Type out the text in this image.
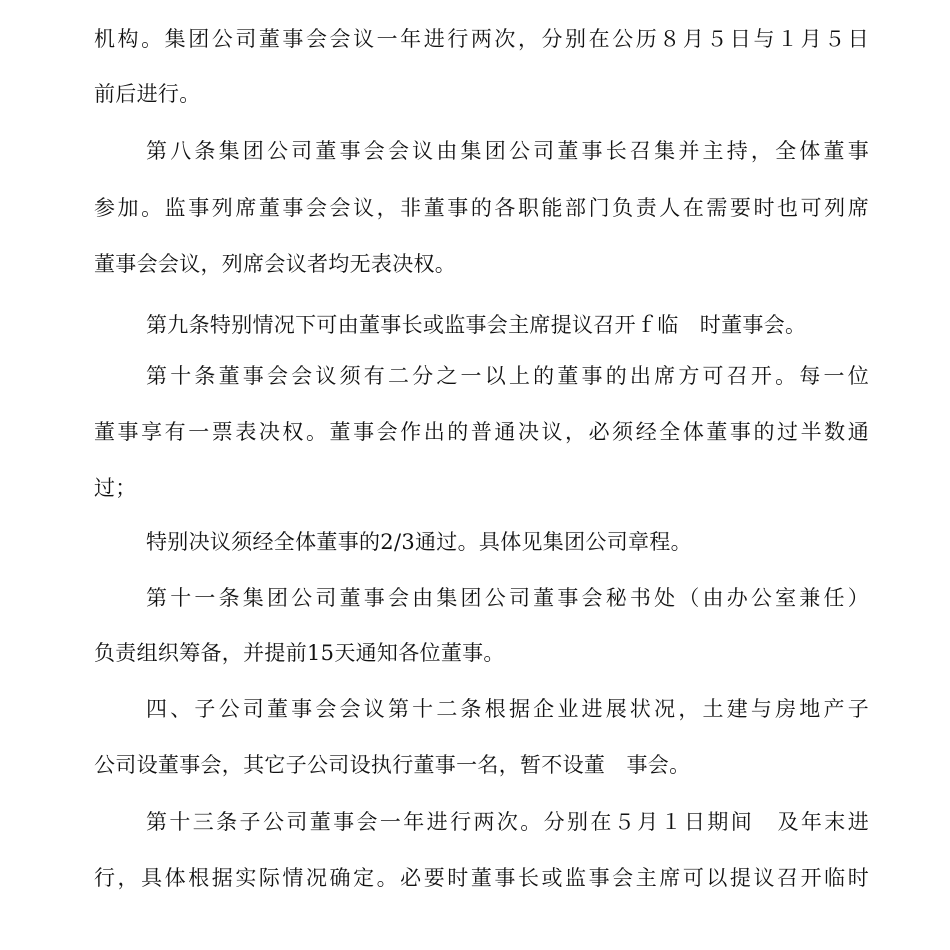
机构。集团公司董事会会议一年进行两次，分别在公历８月５日与１月５日
前后进行。
第八条集团公司董事会会议由集团公司董事长召集并主持，全体董事
参加。监事列席董事会会议，非董事的各职能部门负责人在需要时也可列席
董事会会议，列席会议者均无表决权。
第九条特别情况下可由董事长或监事会主席提议召开ｆ临　时董事会。
第十条董事会会议须有二分之一以上的董事的出席方可召开。每一位
董事享有一票表决权。董事会作出的普通决议，必须经全体董事的过半数通
过；
特别决议须经全体董事的2/3通过。具体见集团公司章程。
第十一条集团公司董事会由集团公司董事会秘书处（由办公室兼任）
负责组织筹备，并提前15天通知各位董事。
四、子公司董事会会议第十二条根据企业进展状况，土建与房地产子
公司设董事会，其它子公司设执行董事一名，暂不设董　事会。
第十三条子公司董事会一年进行两次。分别在５月１日期间　及年末进
行，具体根据实际情况确定。必要时董事长或监事会主席可以提议召开临时
